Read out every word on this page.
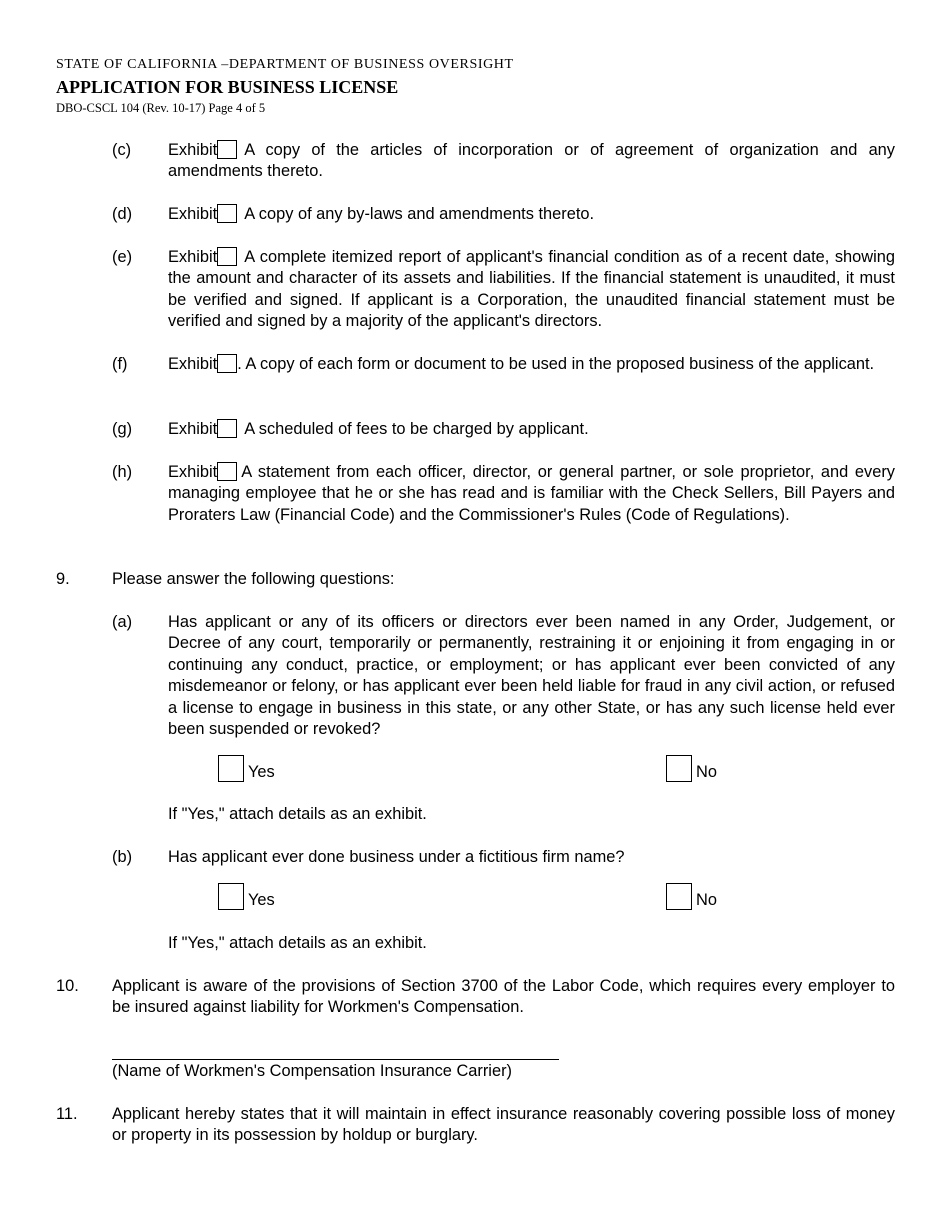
STATE OF CALIFORNIA –DEPARTMENT OF BUSINESS OVERSIGHT
APPLICATION FOR BUSINESS LICENSE
DBO-CSCL 104 (Rev. 10-17) Page 4 of 5
(c) Exhibit A copy of the articles of incorporation or of agreement of organization and any amendments thereto.
(d) Exhibit A copy of any by-laws and amendments thereto.
(e) Exhibit A complete itemized report of applicant's financial condition as of a recent date, showing the amount and character of its assets and liabilities. If the financial statement is unaudited, it must be verified and signed. If applicant is a Corporation, the unaudited financial statement must be verified and signed by a majority of the applicant's directors.
(f) Exhibit . A copy of each form or document to be used in the proposed business of the applicant.
(g) Exhibit A scheduled of fees to be charged by applicant.
(h) Exhibit A statement from each officer, director, or general partner, or sole proprietor, and every managing employee that he or she has read and is familiar with the Check Sellers, Bill Payers and Proraters Law (Financial Code) and the Commissioner's Rules (Code of Regulations).
9.	Please answer the following questions:
(a) Has applicant or any of its officers or directors ever been named in any Order, Judgement, or Decree of any court, temporarily or permanently, restraining it or enjoining it from engaging in or continuing any conduct, practice, or employment; or has applicant ever been convicted of any misdemeanor or felony, or has applicant ever been held liable for fraud in any civil action, or refused a license to engage in business in this state, or any other State, or has any such license held ever been suspended or revoked?
Yes	No
If "Yes," attach details as an exhibit.
(b) Has applicant ever done business under a fictitious firm name?
Yes	No
If "Yes," attach details as an exhibit.
10. Applicant is aware of the provisions of Section 3700 of the Labor Code, which requires every employer to be insured against liability for Workmen's Compensation.
(Name of Workmen's Compensation Insurance Carrier)
11. Applicant hereby states that it will maintain in effect insurance reasonably covering possible loss of money or property in its possession by holdup or burglary.
